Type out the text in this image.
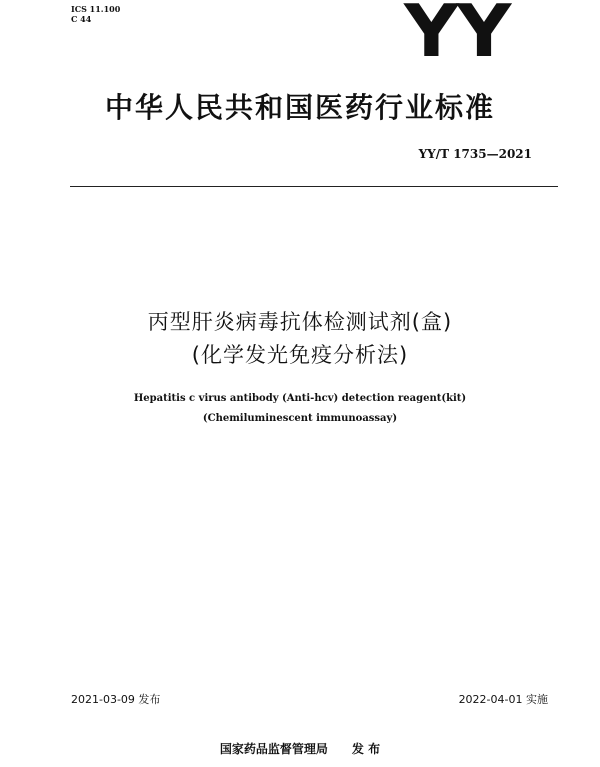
ICS 11.100
C 44	YY
中华人民共和国医药行业标准
YY/T 1735—2021
丙型肝炎病毒抗体检测试剂(盒)
(化学发光免疫分析法)
Hepatitis c virus antibody (Anti-hcv) detection reagent(kit)
(Chemiluminescent immunoassay)
2021-03-09 发布	2022-04-01 实施
国家药品监督管理局 发 布
